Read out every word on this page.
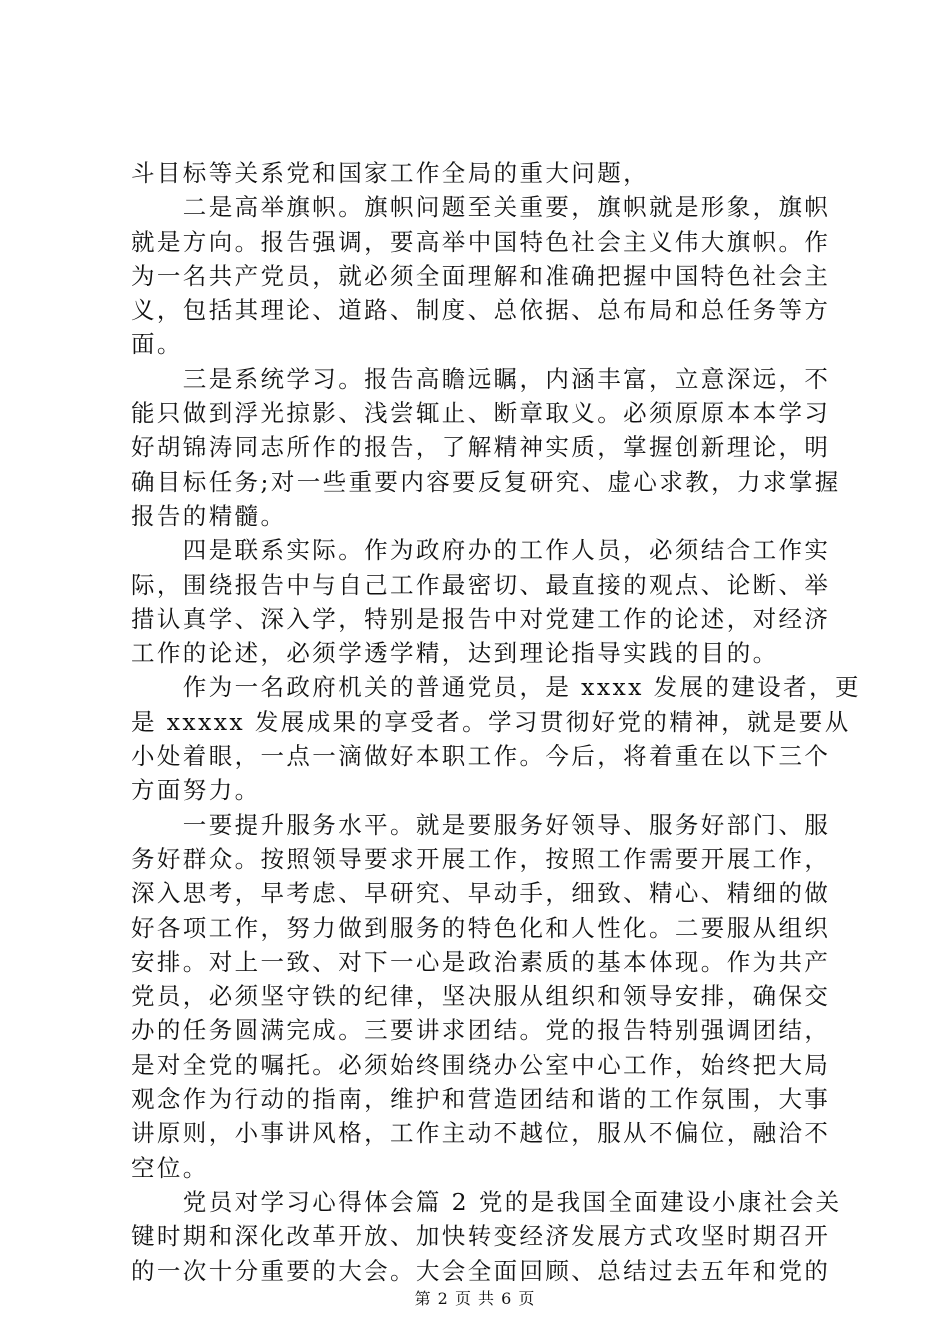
斗目标等关系党和国家工作全局的重大问题，
　　二是高举旗帜。旗帜问题至关重要，旗帜就是形象，旗帜
就是方向。报告强调，要高举中国特色社会主义伟大旗帜。作
为一名共产党员，就必须全面理解和准确把握中国特色社会主
义，包括其理论、道路、制度、总依据、总布局和总任务等方
面。
　　三是系统学习。报告高瞻远瞩，内涵丰富，立意深远，不
能只做到浮光掠影、浅尝辄止、断章取义。必须原原本本学习
好胡锦涛同志所作的报告，了解精神实质，掌握创新理论，明
确目标任务;对一些重要内容要反复研究、虚心求教，力求掌握
报告的精髓。
　　四是联系实际。作为政府办的工作人员，必须结合工作实
际，围绕报告中与自己工作最密切、最直接的观点、论断、举
措认真学、深入学，特别是报告中对党建工作的论述，对经济
工作的论述，必须学透学精，达到理论指导实践的目的。
　　作为一名政府机关的普通党员，是 xxxx 发展的建设者，更
是 xxxxx 发展成果的享受者。学习贯彻好党的精神，就是要从
小处着眼，一点一滴做好本职工作。今后，将着重在以下三个
方面努力。
　　一要提升服务水平。就是要服务好领导、服务好部门、服
务好群众。按照领导要求开展工作，按照工作需要开展工作，
深入思考，早考虑、早研究、早动手，细致、精心、精细的做
好各项工作，努力做到服务的特色化和人性化。二要服从组织
安排。对上一致、对下一心是政治素质的基本体现。作为共产
党员，必须坚守铁的纪律，坚决服从组织和领导安排，确保交
办的任务圆满完成。三要讲求团结。党的报告特别强调团结，
是对全党的嘱托。必须始终围绕办公室中心工作，始终把大局
观念作为行动的指南，维护和营造团结和谐的工作氛围，大事
讲原则，小事讲风格，工作主动不越位，服从不偏位，融洽不
空位。
　　党员对学习心得体会篇 2 党的是我国全面建设小康社会关
键时期和深化改革开放、加快转变经济发展方式攻坚时期召开
的一次十分重要的大会。大会全面回顾、总结过去五年和党的
第 2 页 共 6 页
